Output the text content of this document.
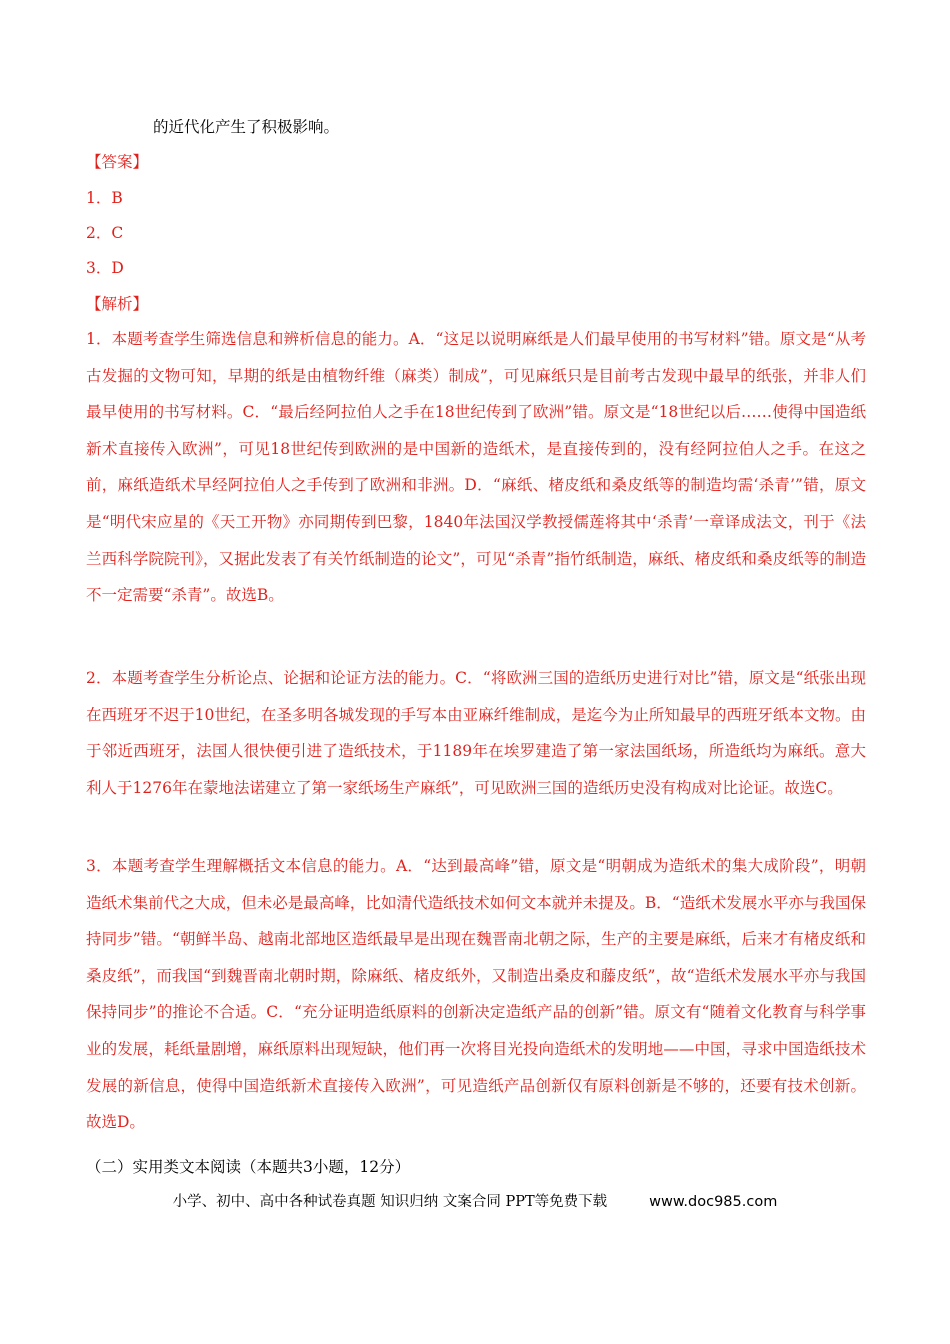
的近代化产生了积极影响。
【答案】
1．B
2．C
3．D
【解析】
1．本题考查学生筛选信息和辨析信息的能力。A．“这足以说明麻纸是人们最早使用的书写材料”错。原文是“从考古发掘的文物可知，早期的纸是由植物纤维（麻类）制成”，可见麻纸只是目前考古发现中最早的纸张，并非人们最早使用的书写材料。C．“最后经阿拉伯人之手在18世纪传到了欧洲”错。原文是“18世纪以后……使得中国造纸新术直接传入欧洲”，可见18世纪传到欧洲的是中国新的造纸术，是直接传到的，没有经阿拉伯人之手。在这之前，麻纸造纸术早经阿拉伯人之手传到了欧洲和非洲。D．“麻纸、楮皮纸和桑皮纸等的制造均需‘杀青’”错，原文是“明代宋应星的《天工开物》亦同期传到巴黎，1840年法国汉学教授儒莲将其中‘杀青’一章译成法文，刊于《法兰西科学院院刊》，又据此发表了有关竹纸制造的论文”，可见“杀青”指竹纸制造，麻纸、楮皮纸和桑皮纸等的制造不一定需要“杀青”。故选B。
2．本题考查学生分析论点、论据和论证方法的能力。C．“将欧洲三国的造纸历史进行对比”错，原文是“纸张出现在西班牙不迟于10世纪，在圣多明各城发现的手写本由亚麻纤维制成，是迄今为止所知最早的西班牙纸本文物。由于邻近西班牙，法国人很快便引进了造纸技术，于1189年在埃罗建造了第一家法国纸场，所造纸均为麻纸。意大利人于1276年在蒙地法诺建立了第一家纸场生产麻纸”，可见欧洲三国的造纸历史没有构成对比论证。故选C。
3．本题考查学生理解概括文本信息的能力。A．“达到最高峰”错，原文是“明朝成为造纸术的集大成阶段”，明朝造纸术集前代之大成，但未必是最高峰，比如清代造纸技术如何文本就并未提及。B．“造纸术发展水平亦与我国保持同步”错。“朝鲜半岛、越南北部地区造纸最早是出现在魏晋南北朝之际，生产的主要是麻纸，后来才有楮皮纸和桑皮纸”，而我国“到魏晋南北朝时期，除麻纸、楮皮纸外，又制造出桑皮和藤皮纸”，故“造纸术发展水平亦与我国保持同步”的推论不合适。C．“充分证明造纸原料的创新决定造纸产品的创新”错。原文有“随着文化教育与科学事业的发展，耗纸量剧增，麻纸原料出现短缺，他们再一次将目光投向造纸术的发明地——中国，寻求中国造纸技术发展的新信息，使得中国造纸新术直接传入欧洲”，可见造纸产品创新仅有原料创新是不够的，还要有技术创新。故选D。
（二）实用类文本阅读（本题共3小题，12分）
小学、初中、高中各种试卷真题 知识归纳 文案合同 PPT等免费下载	www.doc985.com
